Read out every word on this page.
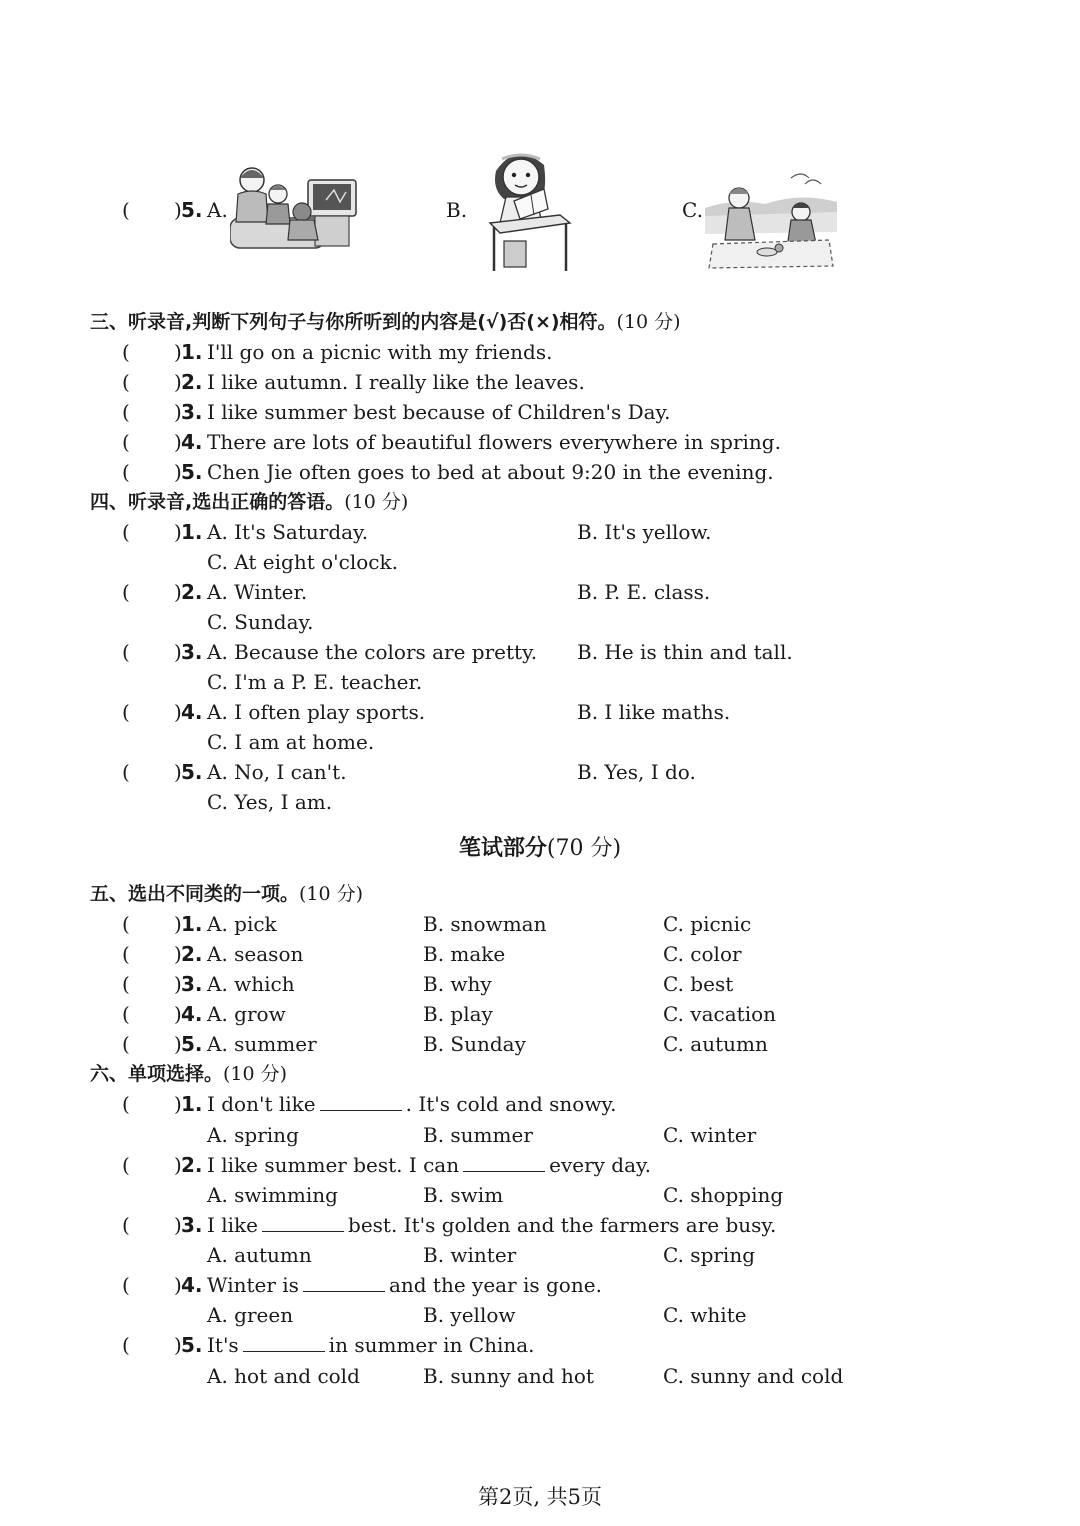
( ) 5. A.	B.	C.
三、听录音,判断下列句子与你所听到的内容是(√)否(×)相符。(10 分)
( ) 1. I'll go on a picnic with my friends.
( ) 2. I like autumn. I really like the leaves.
( ) 3. I like summer best because of Children's Day.
( ) 4. There are lots of beautiful flowers everywhere in spring.
( ) 5. Chen Jie often goes to bed at about 9:20 in the evening.
四、听录音,选出正确的答语。(10 分)
( ) 1. A. It's Saturday.	B. It's yellow.
C. At eight o'clock.
( ) 2. A. Winter.	B. P. E. class.
C. Sunday.
( ) 3. A. Because the colors are pretty. B. He is thin and tall.
C. I'm a P. E. teacher.
( ) 4. A. I often play sports.	B. I like maths.
C. I am at home.
( ) 5. A. No, I can't.	B. Yes, I do.
C. Yes, I am.
笔试部分(70 分)
五、选出不同类的一项。(10 分)
( ) 1. A. pick	B. snowman	C. picnic
( ) 2. A. season	B. make	C. color
( ) 3. A. which	B. why	C. best
( ) 4. A. grow	B. play	C. vacation
( ) 5. A. summer	B. Sunday	C. autumn
六、单项选择。(10 分)
( ) 1. I don't like	. It's cold and snowy.
A. spring	B. summer	C. winter
( ) 2. I like summer best. I can	every day.
A. swimming	B. swim	C. shopping
( ) 3. I like	best. It's golden and the farmers are busy.
A. autumn	B. winter	C. spring
( ) 4. Winter is	and the year is gone.
A. green	B. yellow	C. white
( ) 5. It's	in summer in China.
A. hot and cold	B. sunny and hot	C. sunny and cold
第2页, 共5页
